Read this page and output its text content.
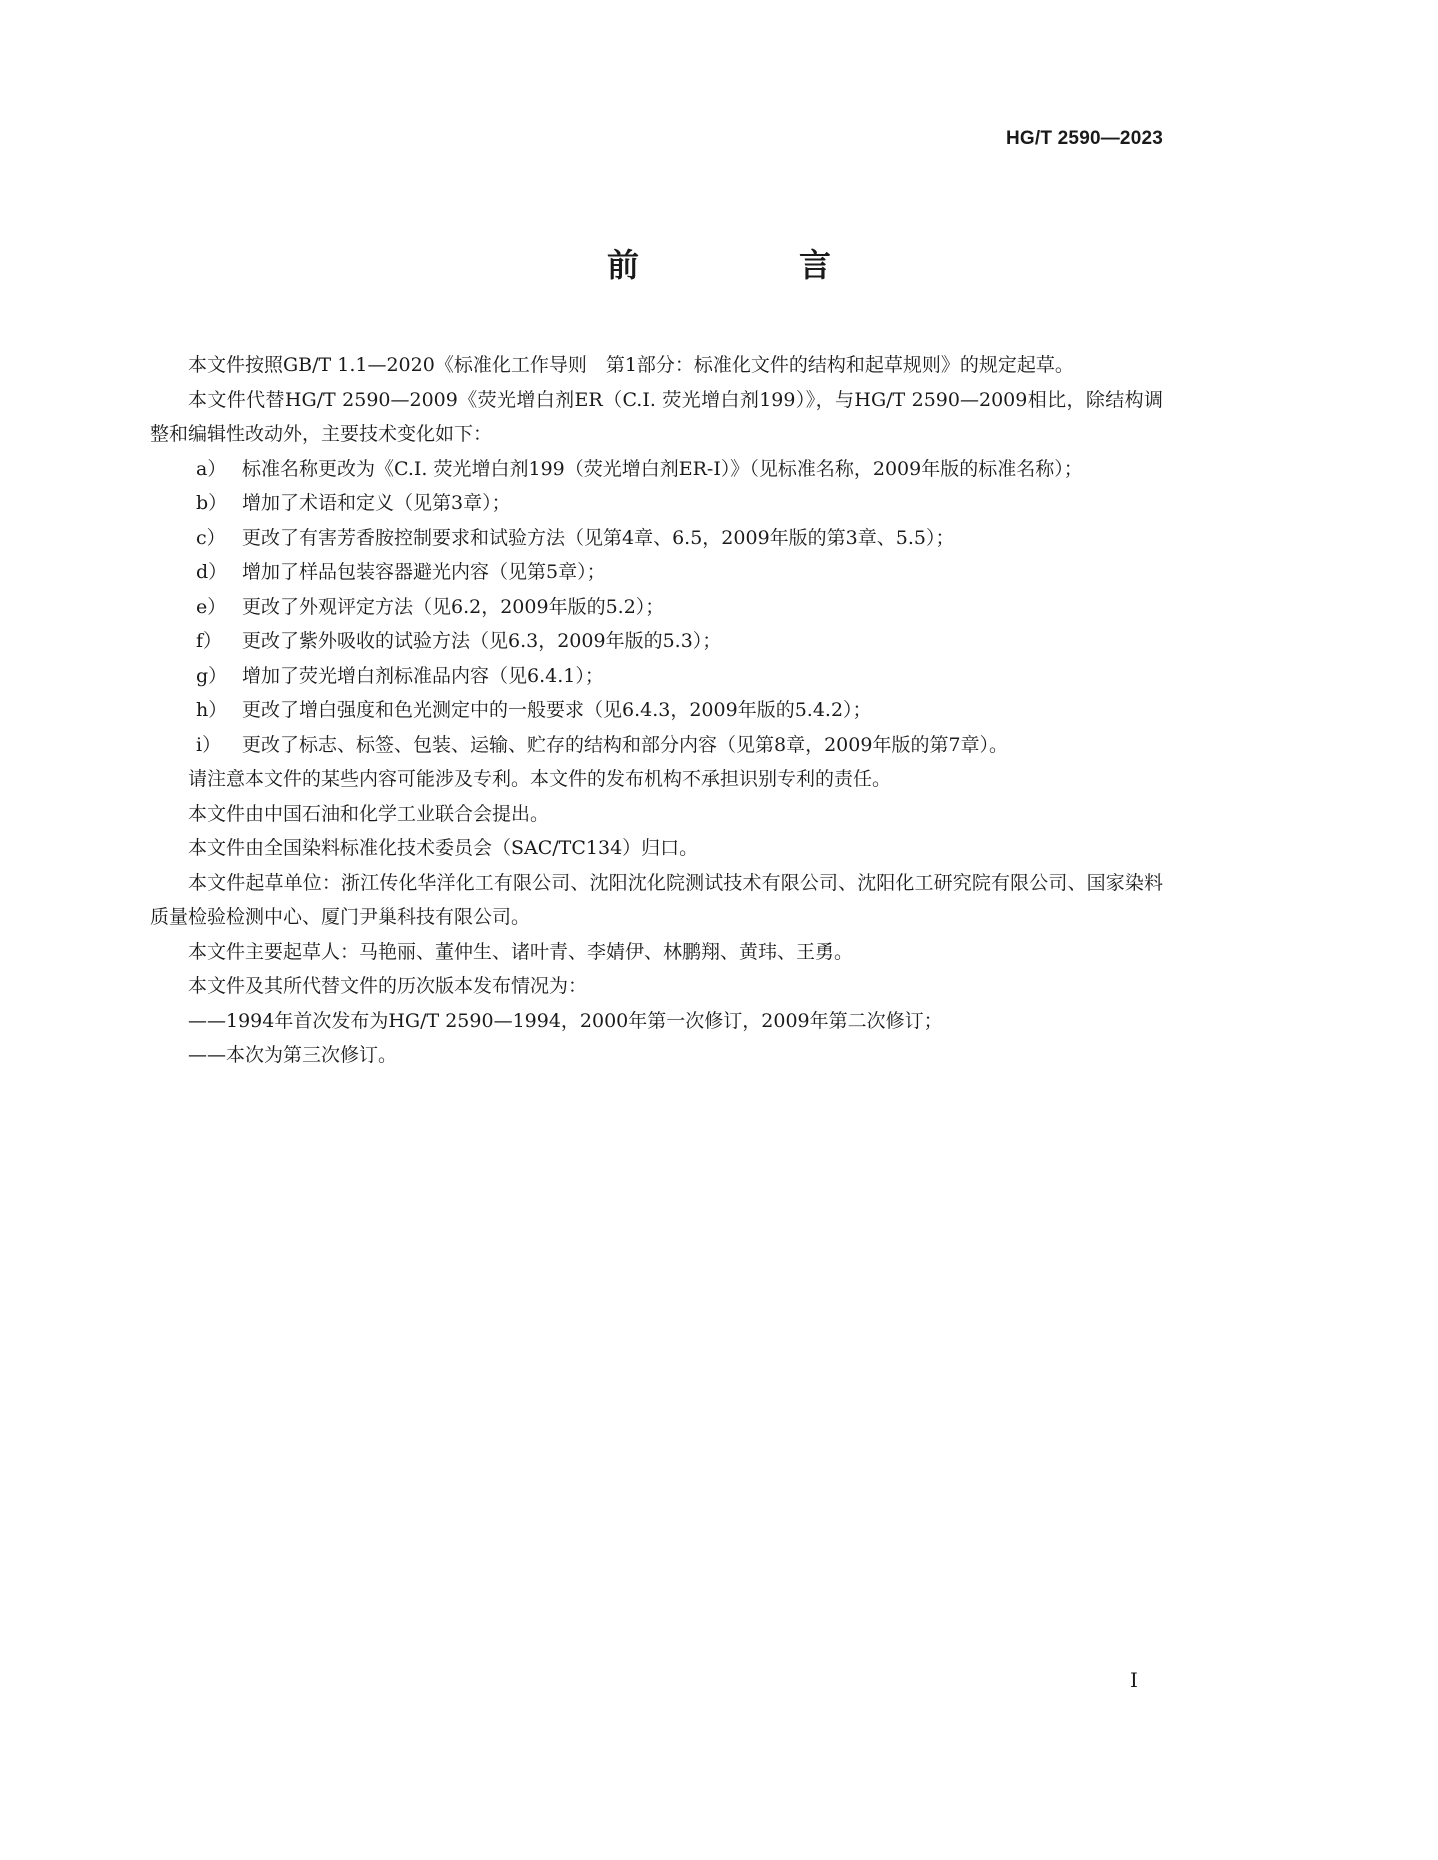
HG/T 2590—2023
前　言

本文件按照GB/T 1.1—2020《标准化工作导则　第1部分：标准化文件的结构和起草规则》的规定起草。

本文件代替HG/T 2590—2009《荧光增白剂ER（C.I. 荧光增白剂199）》，与HG/T 2590—2009相比，除结构调整和编辑性改动外，主要技术变化如下：

a） 标准名称更改为《C.I. 荧光增白剂199（荧光增白剂ER-Ⅰ）》（见标准名称，2009年版的标准名称）；

b） 增加了术语和定义（见第3章）；

c） 更改了有害芳香胺控制要求和试验方法（见第4章、6.5，2009年版的第3章、5.5）；

d） 增加了样品包装容器避光内容（见第5章）；

e） 更改了外观评定方法（见6.2，2009年版的5.2）；

f） 更改了紫外吸收的试验方法（见6.3，2009年版的5.3）；

g） 增加了荧光增白剂标准品内容（见6.4.1）；

h） 更改了增白强度和色光测定中的一般要求（见6.4.3，2009年版的5.4.2）；

i） 更改了标志、标签、包装、运输、贮存的结构和部分内容（见第8章，2009年版的第7章）。

请注意本文件的某些内容可能涉及专利。本文件的发布机构不承担识别专利的责任。

本文件由中国石油和化学工业联合会提出。

本文件由全国染料标准化技术委员会（SAC/TC134）归口。

本文件起草单位：浙江传化华洋化工有限公司、沈阳沈化院测试技术有限公司、沈阳化工研究院有限公司、国家染料质量检验检测中心、厦门尹巢科技有限公司。

本文件主要起草人：马艳丽、董仲生、诸叶青、李婧伊、林鹏翔、黄玮、王勇。

本文件及其所代替文件的历次版本发布情况为：

——1994年首次发布为HG/T 2590—1994，2000年第一次修订，2009年第二次修订；

——本次为第三次修订。

I
